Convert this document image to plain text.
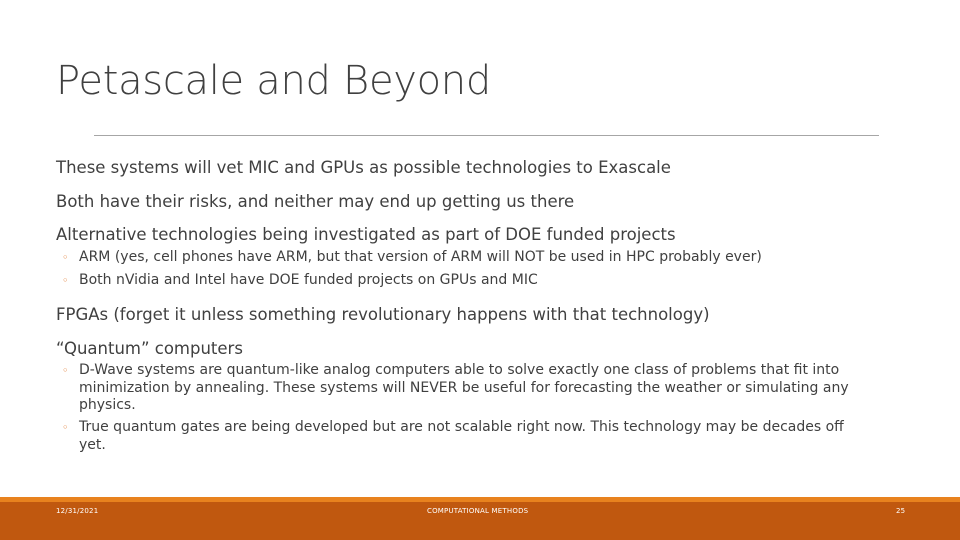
Petascale and Beyond
These systems will vet MIC and GPUs as possible technologies to Exascale
Both have their risks, and neither may end up getting us there
Alternative technologies being investigated as part of DOE funded projects
◦ ARM (yes, cell phones have ARM, but that version of ARM will NOT be used in HPC probably ever)
◦ Both nVidia and Intel have DOE funded projects on GPUs and MIC
FPGAs (forget it unless something revolutionary happens with that technology)
“Quantum” computers
◦ D-Wave systems are quantum-like analog computers able to solve exactly one class of problems that fit into minimization by annealing. These systems will NEVER be useful for forecasting the weather or simulating any physics.
◦ True quantum gates are being developed but are not scalable right now. This technology may be decades off yet.
12/31/2021	COMPUTATIONAL METHODS	25
